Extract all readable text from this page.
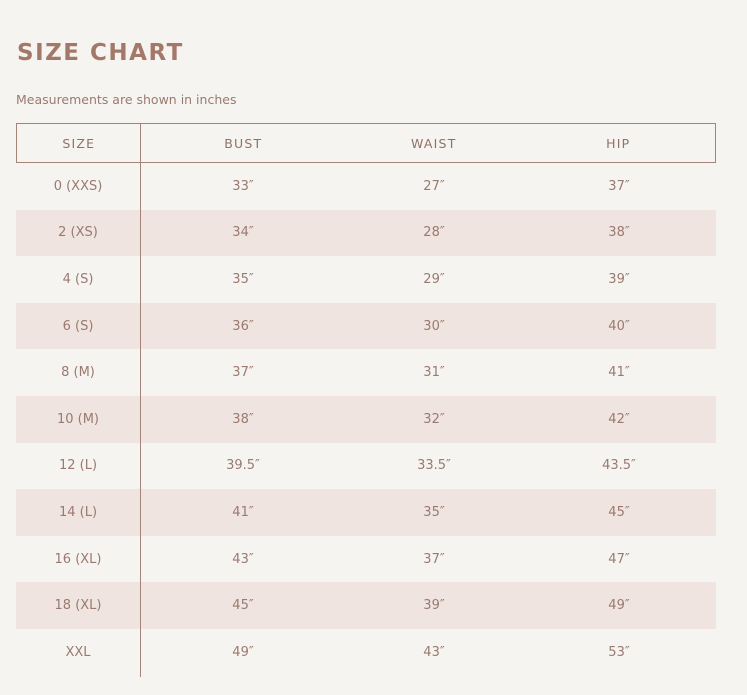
SIZE CHART

Measurements are shown in inches

SIZE	BUST	WAIST	HIP
0 (XXS)	33″	27″	37″
2 (XS)	34″	28″	38″
4 (S)	35″	29″	39″
6 (S)	36″	30″	40″
8 (M)	37″	31″	41″
10 (M)	38″	32″	42″
12 (L)	39.5″	33.5″	43.5″
14 (L)	41″	35″	45″
16 (XL)	43″	37″	47″
18 (XL)	45″	39″	49″
XXL	49″	43″	53″
